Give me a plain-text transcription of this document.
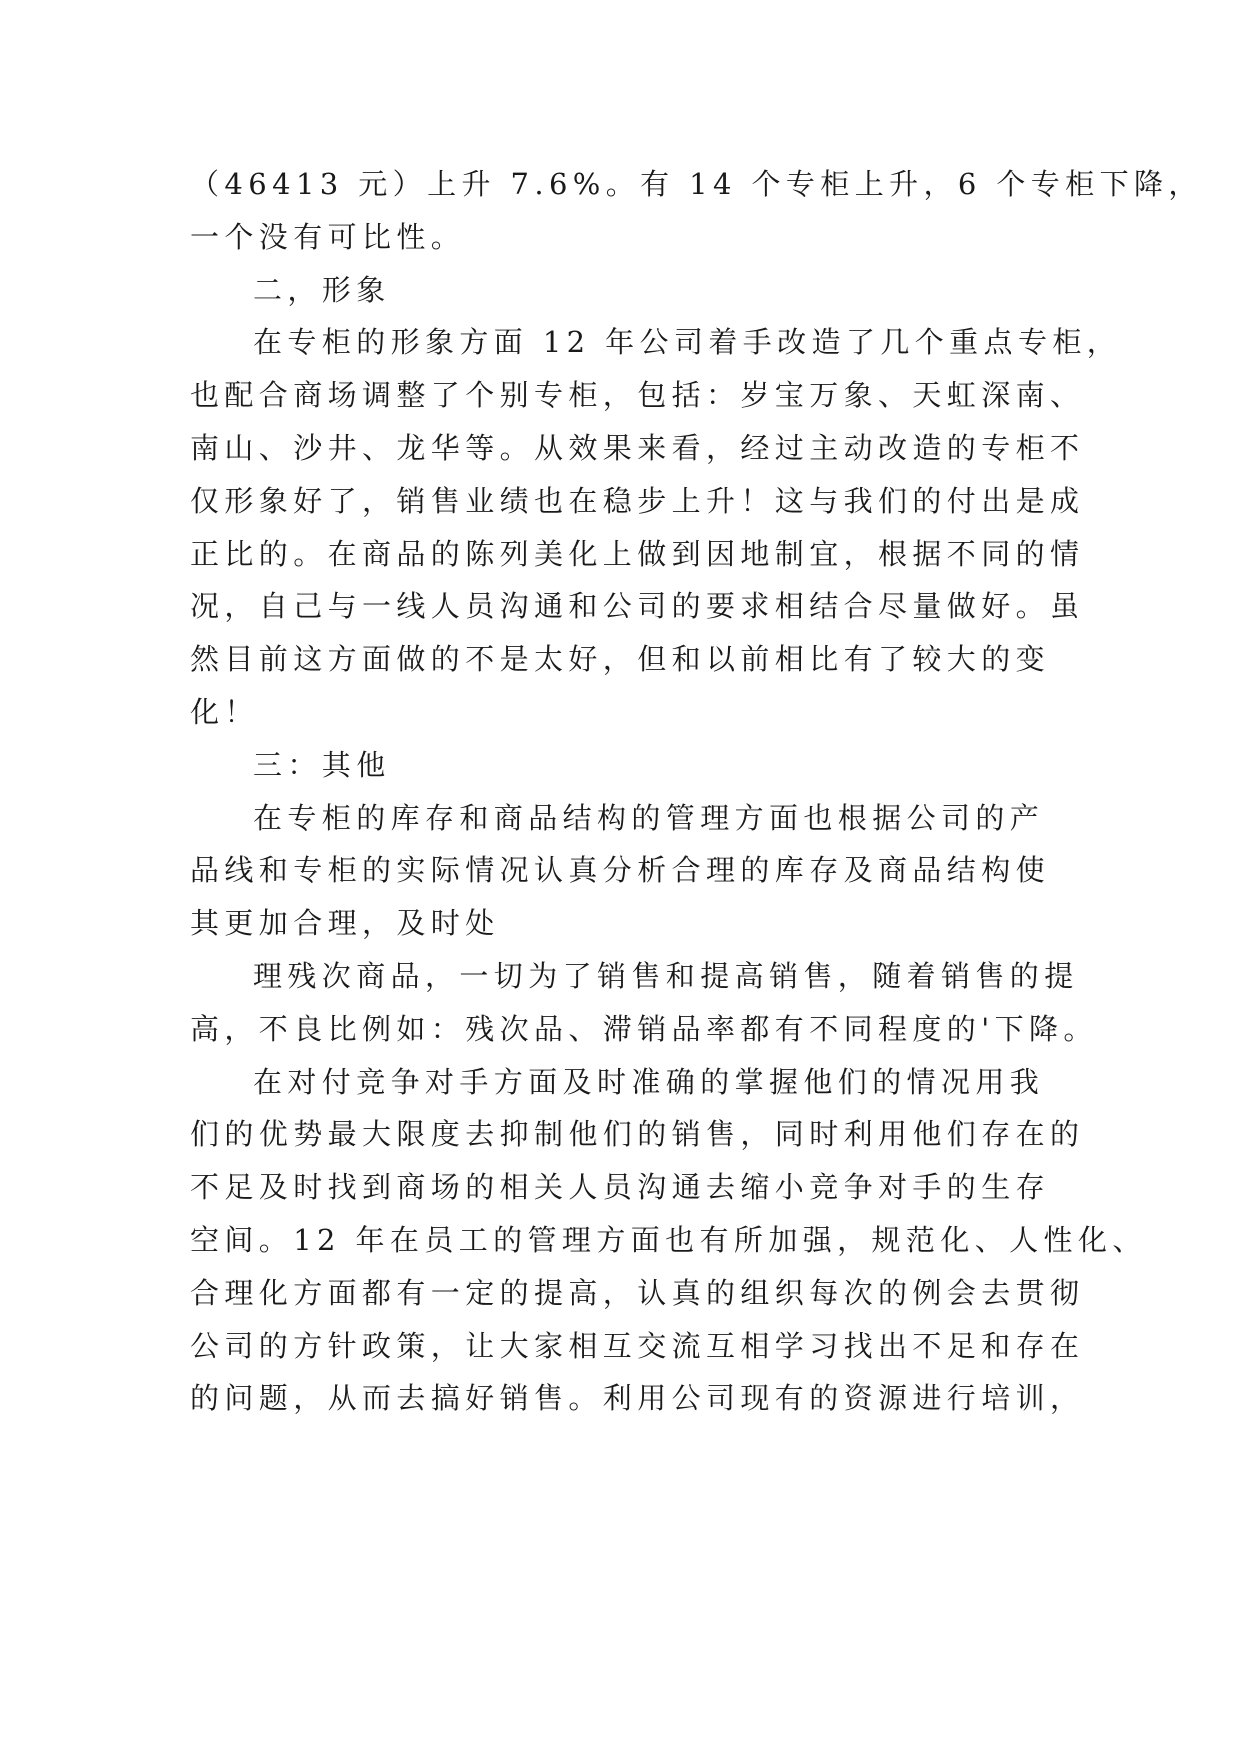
（46413 元）上升 7.6%。有 14 个专柜上升，6 个专柜下降，
一个没有可比性。
二，形象
在专柜的形象方面 12 年公司着手改造了几个重点专柜，
也配合商场调整了个别专柜，包括：岁宝万象、天虹深南、
南山、沙井、龙华等。从效果来看，经过主动改造的专柜不
仅形象好了，销售业绩也在稳步上升！这与我们的付出是成
正比的。在商品的陈列美化上做到因地制宜，根据不同的情
况，自己与一线人员沟通和公司的要求相结合尽量做好。虽
然目前这方面做的不是太好，但和以前相比有了较大的变
化！
三：其他
在专柜的库存和商品结构的管理方面也根据公司的产
品线和专柜的实际情况认真分析合理的库存及商品结构使
其更加合理，及时处
理残次商品，一切为了销售和提高销售，随着销售的提
高，不良比例如：残次品、滞销品率都有不同程度的'下降。
在对付竞争对手方面及时准确的掌握他们的情况用我
们的优势最大限度去抑制他们的销售，同时利用他们存在的
不足及时找到商场的相关人员沟通去缩小竞争对手的生存
空间。12 年在员工的管理方面也有所加强，规范化、人性化、
合理化方面都有一定的提高，认真的组织每次的例会去贯彻
公司的方针政策，让大家相互交流互相学习找出不足和存在
的问题，从而去搞好销售。利用公司现有的资源进行培训，
